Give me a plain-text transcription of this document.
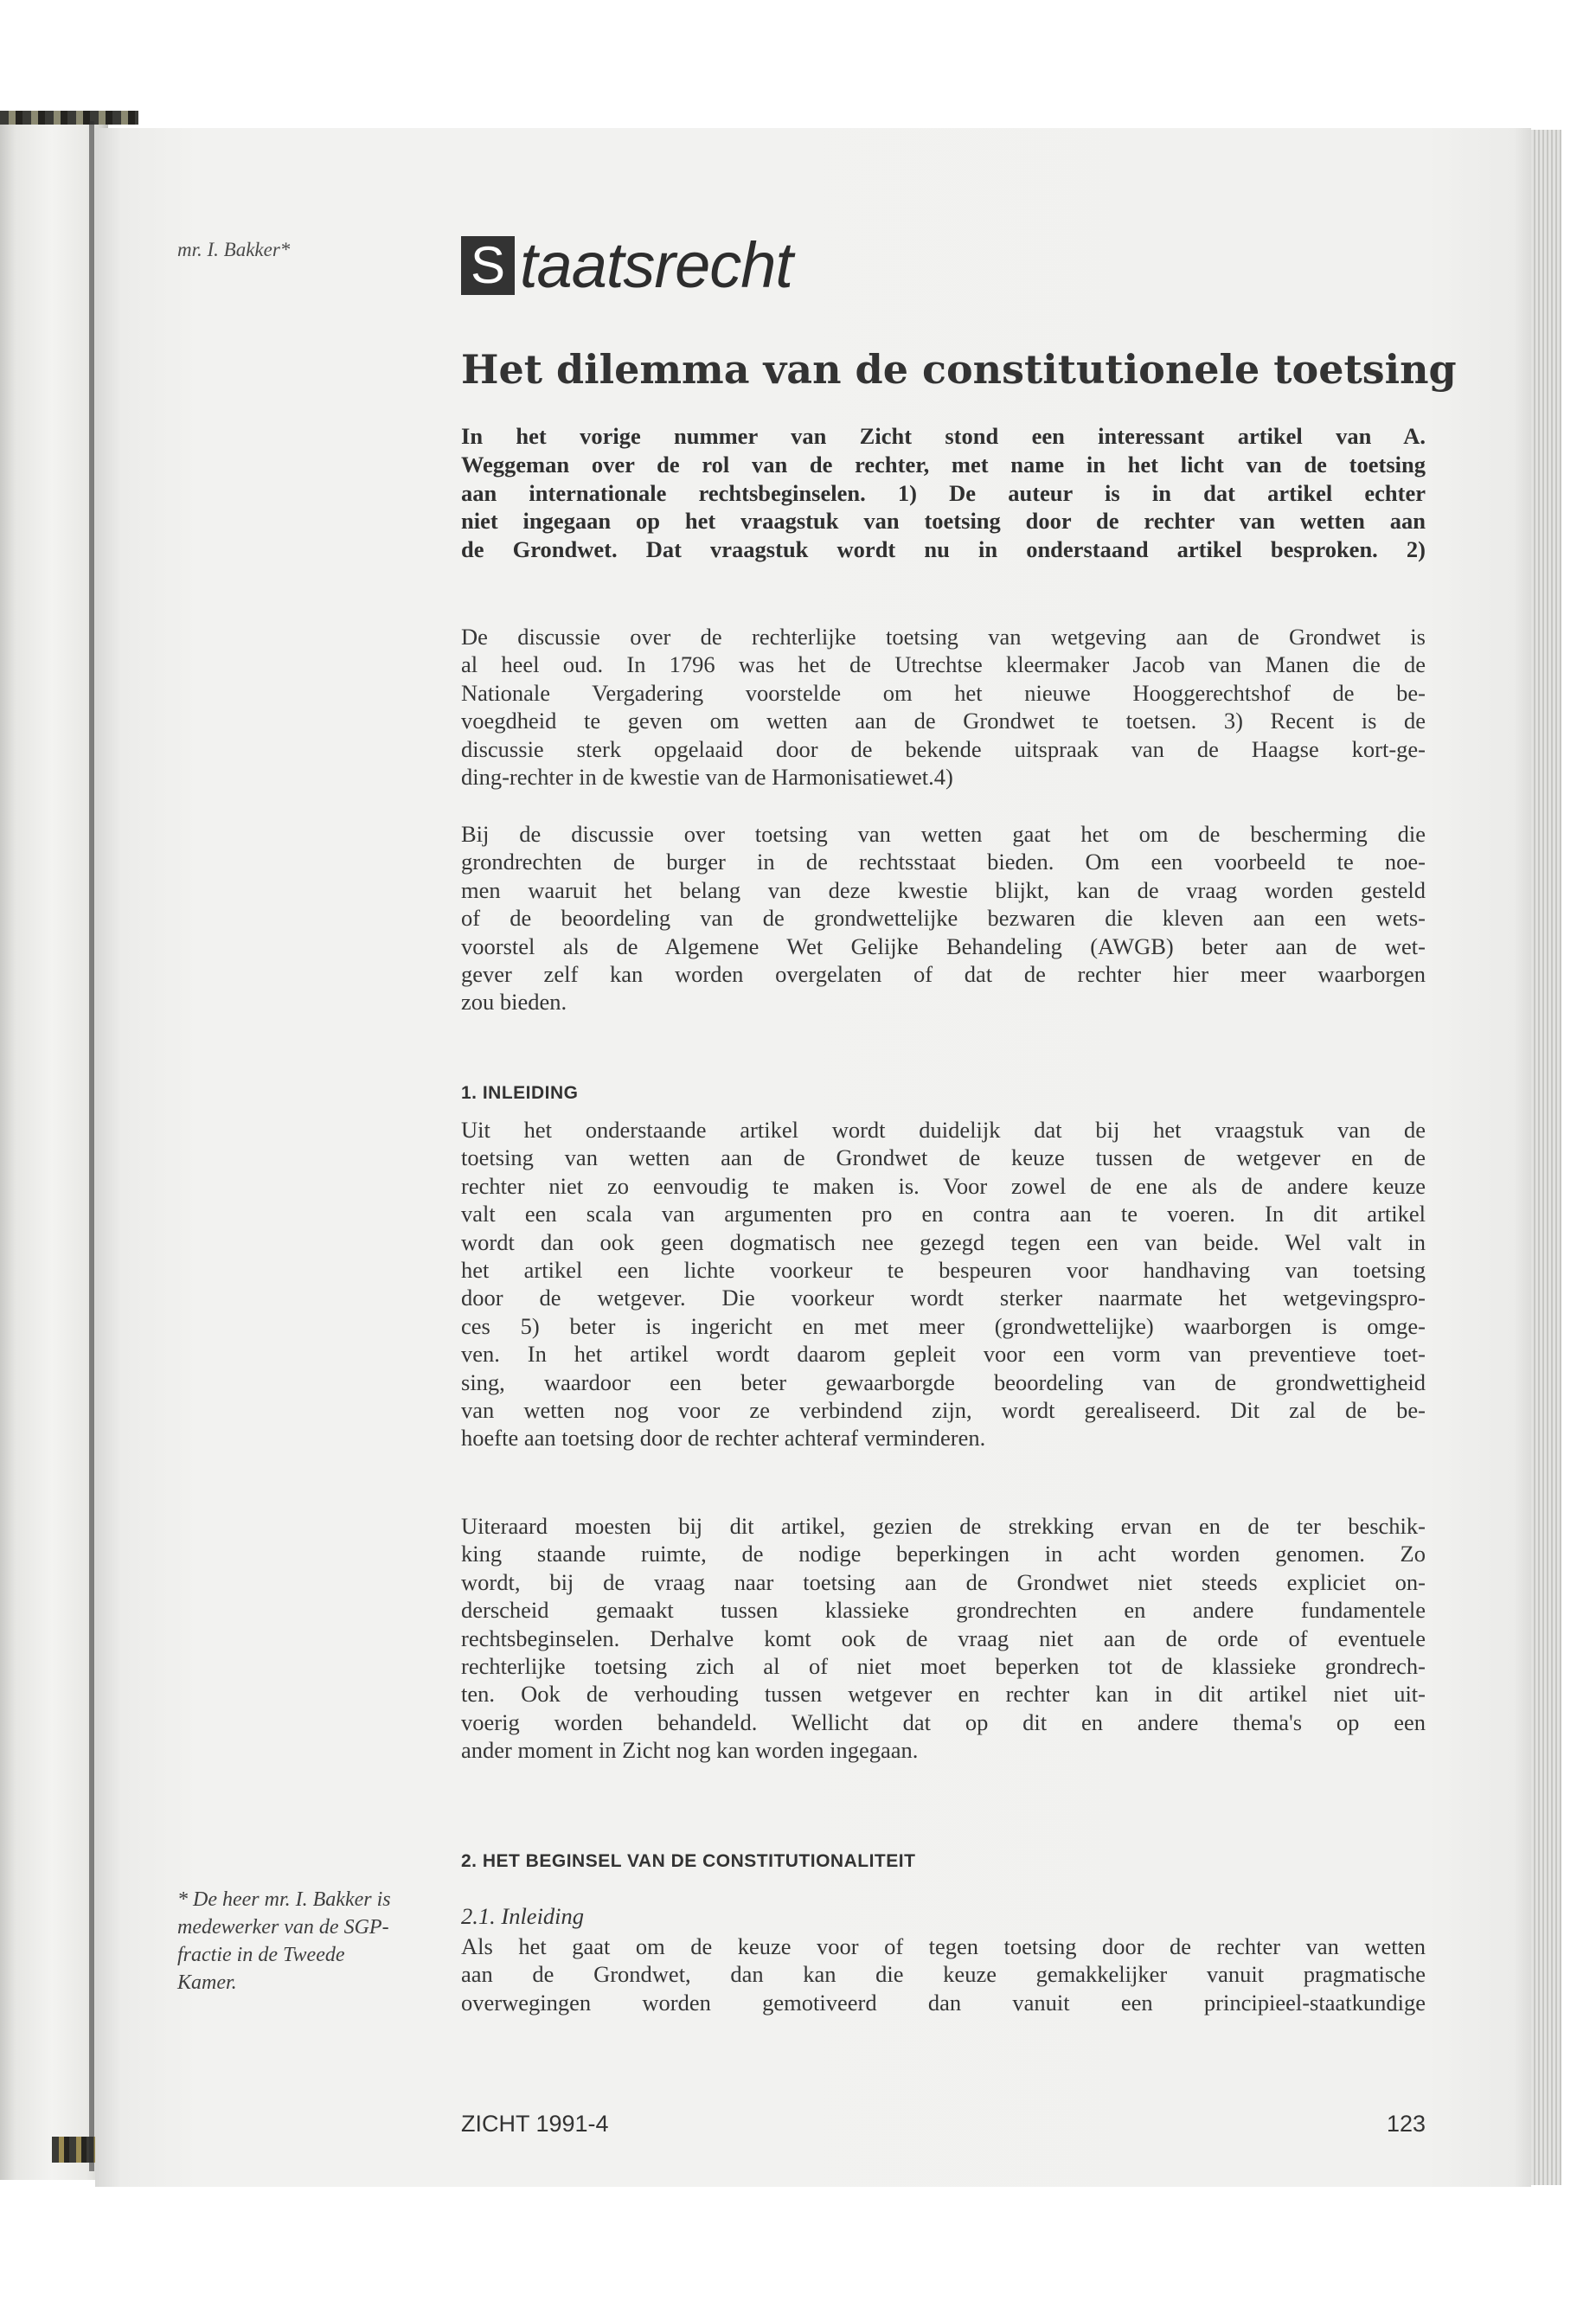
mr. I. Bakker*	S taatsrecht
Het dilemma van de constitutionele toetsing
In het vorige nummer van Zicht stond een interessant artikel van A.
Weggeman over de rol van de rechter, met name in het licht van de toetsing
aan internationale rechtsbeginselen. 1) De auteur is in dat artikel echter
niet ingegaan op het vraagstuk van toetsing door de rechter van wetten aan
de Grondwet. Dat vraagstuk wordt nu in onderstaand artikel besproken. 2)
De discussie over de rechterlijke toetsing van wetgeving aan de Grondwet is
al heel oud. In 1796 was het de Utrechtse kleermaker Jacob van Manen die de
Nationale Vergadering voorstelde om het nieuwe Hooggerechtshof de be-
voegdheid te geven om wetten aan de Grondwet te toetsen. 3) Recent is de
discussie sterk opgelaaid door de bekende uitspraak van de Haagse kort-ge-
ding-rechter in de kwestie van de Harmonisatiewet.4)
Bij de discussie over toetsing van wetten gaat het om de bescherming die
grondrechten de burger in de rechtsstaat bieden. Om een voorbeeld te noe-
men waaruit het belang van deze kwestie blijkt, kan de vraag worden gesteld
of de beoordeling van de grondwettelijke bezwaren die kleven aan een wets-
voorstel als de Algemene Wet Gelijke Behandeling (AWGB) beter aan de wet-
gever zelf kan worden overgelaten of dat de rechter hier meer waarborgen
zou bieden.
1. INLEIDING
Uit het onderstaande artikel wordt duidelijk dat bij het vraagstuk van de
toetsing van wetten aan de Grondwet de keuze tussen de wetgever en de
rechter niet zo eenvoudig te maken is. Voor zowel de ene als de andere keuze
valt een scala van argumenten pro en contra aan te voeren. In dit artikel
wordt dan ook geen dogmatisch nee gezegd tegen een van beide. Wel valt in
het artikel een lichte voorkeur te bespeuren voor handhaving van toetsing
door de wetgever. Die voorkeur wordt sterker naarmate het wetgevingspro-
ces 5) beter is ingericht en met meer (grondwettelijke) waarborgen is omge-
ven. In het artikel wordt daarom gepleit voor een vorm van preventieve toet-
sing, waardoor een beter gewaarborgde beoordeling van de grondwettigheid
van wetten nog voor ze verbindend zijn, wordt gerealiseerd. Dit zal de be-
hoefte aan toetsing door de rechter achteraf verminderen.
Uiteraard moesten bij dit artikel, gezien de strekking ervan en de ter beschik-
king staande ruimte, de nodige beperkingen in acht worden genomen. Zo
wordt, bij de vraag naar toetsing aan de Grondwet niet steeds expliciet on-
derscheid gemaakt tussen klassieke grondrechten en andere fundamentele
rechtsbeginselen. Derhalve komt ook de vraag niet aan de orde of eventuele
rechterlijke toetsing zich al of niet moet beperken tot de klassieke grondrech-
ten. Ook de verhouding tussen wetgever en rechter kan in dit artikel niet uit-
voerig worden behandeld. Wellicht dat op dit en andere thema's op een
ander moment in Zicht nog kan worden ingegaan.
2. HET BEGINSEL VAN DE CONSTITUTIONALITEIT
2.1. Inleiding
Als het gaat om de keuze voor of tegen toetsing door de rechter van wetten
aan de Grondwet, dan kan die keuze gemakkelijker vanuit pragmatische
overwegingen worden gemotiveerd dan vanuit een principieel-staatkundige
* De heer mr. I. Bakker is medewerker van de SGP-fractie in de Tweede Kamer.
ZICHT 1991-4	123
